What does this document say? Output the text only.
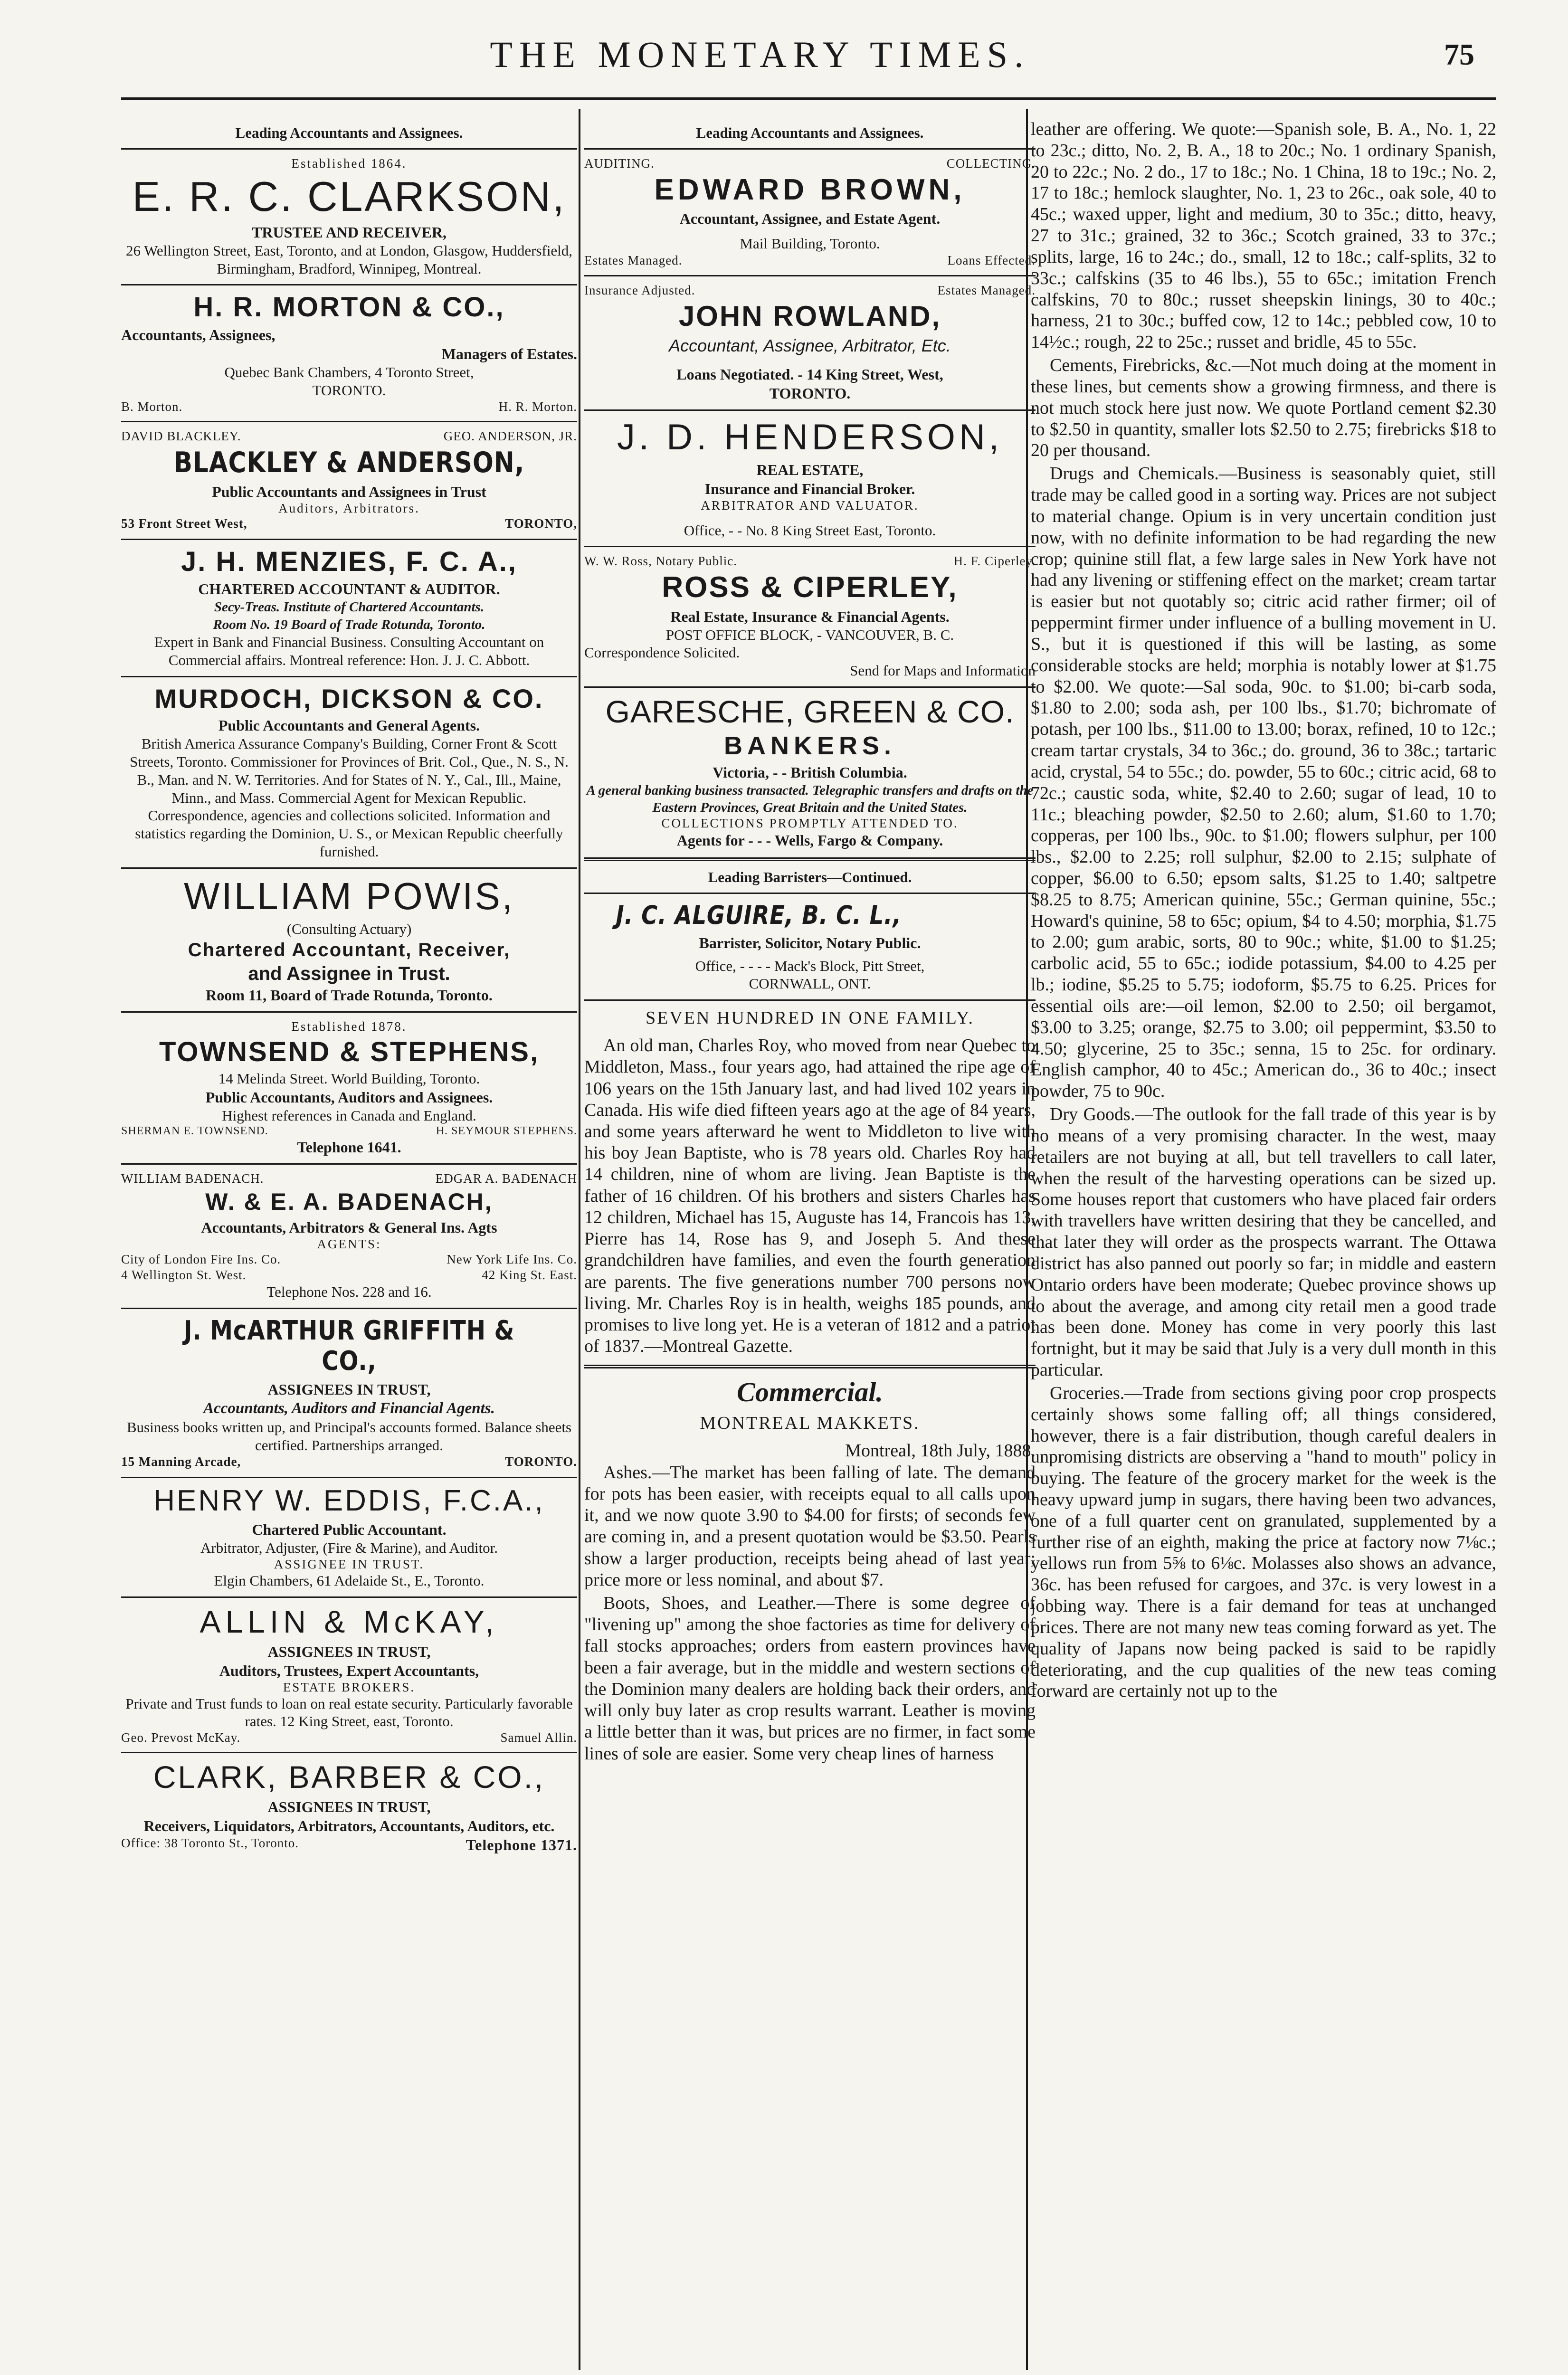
THE MONETARY TIMES.	75
Leading Accountants and Assignees.
Established 1864.
E. R. C. CLARKSON,
TRUSTEE AND RECEIVER,
26 Wellington Street, East, Toronto, and at London, Glasgow, Huddersfield, Birmingham, Bradford, Winnipeg, Montreal.
H. R. MORTON & CO.,
Accountants, Assignees,
Managers of Estates.
Quebec Bank Chambers, 4 Toronto Street,
TORONTO.
B. Morton.	H. R. Morton.
DAVID BLACKLEY.	GEO. ANDERSON, JR.
BLACKLEY & ANDERSON,
Public Accountants and Assignees in Trust
Auditors, Arbitrators.
53 Front Street West,	TORONTO,
J. H. MENZIES, F. C. A.,
CHARTERED ACCOUNTANT & AUDITOR.
Secy-Treas. Institute of Chartered Accountants.
Room No. 19 Board of Trade Rotunda, Toronto.
Expert in Bank and Financial Business. Consulting Accountant on Commercial affairs. Montreal reference: Hon. J. J. C. Abbott.
MURDOCH, DICKSON & CO.
Public Accountants and General Agents.
British America Assurance Company's Building, Corner Front & Scott Streets, Toronto. Commissioner for Provinces of Brit. Col., Que., N. S., N. B., Man. and N. W. Territories. And for States of N. Y., Cal., Ill., Maine, Minn., and Mass. Commercial Agent for Mexican Republic. Correspondence, agencies and collections solicited. Information and statistics regarding the Dominion, U. S., or Mexican Republic cheerfully furnished.
WILLIAM POWIS,
(Consulting Actuary)
Chartered Accountant, Receiver,
and Assignee in Trust.
Room 11, Board of Trade Rotunda, Toronto.
Established 1878.
TOWNSEND & STEPHENS,
14 Melinda Street. World Building, Toronto.
Public Accountants, Auditors and Assignees.
Highest references in Canada and England.
SHERMAN E. TOWNSEND.	H. SEYMOUR STEPHENS.
Telephone 1641.
WILLIAM BADENACH.	EDGAR A. BADENACH
W. & E. A. BADENACH,
Accountants, Arbitrators & General Ins. Agts
AGENTS:
City of London Fire Ins. Co.	New York Life Ins. Co.
4 Wellington St. West.	42 King St. East.
Telephone Nos. 228 and 16.
J. McARTHUR GRIFFITH & CO.,
ASSIGNEES IN TRUST,
Accountants, Auditors and Financial Agents.
Business books written up, and Principal's accounts formed. Balance sheets certified. Partnerships arranged.
15 Manning Arcade,	TORONTO.
HENRY W. EDDIS, F.C.A.,
Chartered Public Accountant.
Arbitrator, Adjuster, (Fire & Marine), and Auditor.
ASSIGNEE IN TRUST.
Elgin Chambers, 61 Adelaide St., E., Toronto.
ALLIN & McKAY,
ASSIGNEES IN TRUST,
Auditors, Trustees, Expert Accountants,
ESTATE BROKERS.
Private and Trust funds to loan on real estate security. Particularly favorable rates. 12 King Street, east, Toronto.
Geo. Prevost McKay.	Samuel Allin.
CLARK, BARBER & CO.,
ASSIGNEES IN TRUST,
Receivers, Liquidators, Arbitrators, Accountants, Auditors, etc.
Office: 38 Toronto St., Toronto.	Telephone 1371.
Leading Accountants and Assignees.
AUDITING.	COLLECTING.
EDWARD BROWN,
Accountant, Assignee, and Estate Agent.
Mail Building, Toronto.
Estates Managed.	Loans Effected.
Insurance Adjusted.	Estates Managed.
JOHN ROWLAND,
Accountant, Assignee, Arbitrator, Etc.
Loans Negotiated. - 14 King Street, West,
TORONTO.
J. D. HENDERSON,
REAL ESTATE,
Insurance and Financial Broker.
ARBITRATOR AND VALUATOR.
Office, - - No. 8 King Street East, Toronto.
W. W. Ross, Notary Public.	H. F. Ciperley.
ROSS & CIPERLEY,
Real Estate, Insurance & Financial Agents.
POST OFFICE BLOCK, - VANCOUVER, B. C.
Correspondence Solicited.
Send for Maps and Information
GARESCHE, GREEN & CO.
BANKERS.
Victoria, - - British Columbia.
A general banking business transacted. Telegraphic transfers and drafts on the Eastern Provinces, Great Britain and the United States.
COLLECTIONS PROMPTLY ATTENDED TO.
Agents for - - - Wells, Fargo & Company.
Leading Barristers—Continued.
J. C. ALGUIRE, B. C. L.,
Barrister, Solicitor, Notary Public.
Office, - - - - Mack's Block, Pitt Street,
CORNWALL, ONT.
SEVEN HUNDRED IN ONE FAMILY.

An old man, Charles Roy, who moved from near Quebec to Middleton, Mass., four years ago, had attained the ripe age of 106 years on the 15th January last, and had lived 102 years in Canada. His wife died fifteen years ago at the age of 84 years, and some years afterward he went to Middleton to live with his boy Jean Baptiste, who is 78 years old. Charles Roy had 14 children, nine of whom are living. Jean Baptiste is the father of 16 children. Of his brothers and sisters Charles has 12 children, Michael has 15, Auguste has 14, Francois has 13, Pierre has 14, Rose has 9, and Joseph 5. And these grandchildren have families, and even the fourth generation are parents. The five generations number 700 persons now living. Mr. Charles Roy is in health, weighs 185 pounds, and promises to live long yet. He is a veteran of 1812 and a patriot of 1837.—Montreal Gazette.

Commercial.
MONTREAL MAKKETS.
Montreal, 18th July, 1888.

Ashes.—The market has been falling of late. The demand for pots has been easier, with receipts equal to all calls upon it, and we now quote 3.90 to $4.00 for firsts; of seconds few are coming in, and a present quotation would be $3.50. Pearls show a larger production, receipts being ahead of last year; price more or less nominal, and about $7.

Boots, Shoes, and Leather.—There is some degree of "livening up" among the shoe factories as time for delivery of fall stocks approaches; orders from eastern provinces have been a fair average, but in the middle and western sections of the Dominion many dealers are holding back their orders, and will only buy later as crop results warrant. Leather is moving a little better than it was, but prices are no firmer, in fact some lines of sole are easier. Some very cheap lines of harness

leather are offering. We quote:—Spanish sole, B. A., No. 1, 22 to 23c.; ditto, No. 2, B. A., 18 to 20c.; No. 1 ordinary Spanish, 20 to 22c.; No. 2 do., 17 to 18c.; No. 1 China, 18 to 19c.; No. 2, 17 to 18c.; hemlock slaughter, No. 1, 23 to 26c., oak sole, 40 to 45c.; waxed upper, light and medium, 30 to 35c.; ditto, heavy, 27 to 31c.; grained, 32 to 36c.; Scotch grained, 33 to 37c.; splits, large, 16 to 24c.; do., small, 12 to 18c.; calf-splits, 32 to 33c.; calfskins (35 to 46 lbs.), 55 to 65c.; imitation French calfskins, 70 to 80c.; russet sheepskin linings, 30 to 40c.; harness, 21 to 30c.; buffed cow, 12 to 14c.; pebbled cow, 10 to 14½c.; rough, 22 to 25c.; russet and bridle, 45 to 55c.

Cements, Firebricks, &c.—Not much doing at the moment in these lines, but cements show a growing firmness, and there is not much stock here just now. We quote Portland cement $2.30 to $2.50 in quantity, smaller lots $2.50 to 2.75; firebricks $18 to 20 per thousand.

Drugs and Chemicals.—Business is seasonably quiet, still trade may be called good in a sorting way. Prices are not subject to material change. Opium is in very uncertain condition just now, with no definite information to be had regarding the new crop; quinine still flat, a few large sales in New York have not had any livening or stiffening effect on the market; cream tartar is easier but not quotably so; citric acid rather firmer; oil of peppermint firmer under influence of a bulling movement in U. S., but it is questioned if this will be lasting, as some considerable stocks are held; morphia is notably lower at $1.75 to $2.00. We quote:—Sal soda, 90c. to $1.00; bi-carb soda, $1.80 to 2.00; soda ash, per 100 lbs., $1.70; bichromate of potash, per 100 lbs., $11.00 to 13.00; borax, refined, 10 to 12c.; cream tartar crystals, 34 to 36c.; do. ground, 36 to 38c.; tartaric acid, crystal, 54 to 55c.; do. powder, 55 to 60c.; citric acid, 68 to 72c.; caustic soda, white, $2.40 to 2.60; sugar of lead, 10 to 11c.; bleaching powder, $2.50 to 2.60; alum, $1.60 to 1.70; copperas, per 100 lbs., 90c. to $1.00; flowers sulphur, per 100 lbs., $2.00 to 2.25; roll sulphur, $2.00 to 2.15; sulphate of copper, $6.00 to 6.50; epsom salts, $1.25 to 1.40; saltpetre $8.25 to 8.75; American quinine, 55c.; German quinine, 55c.; Howard's quinine, 58 to 65c; opium, $4 to 4.50; morphia, $1.75 to 2.00; gum arabic, sorts, 80 to 90c.; white, $1.00 to $1.25; carbolic acid, 55 to 65c.; iodide potassium, $4.00 to 4.25 per lb.; iodine, $5.25 to 5.75; iodoform, $5.75 to 6.25. Prices for essential oils are:—oil lemon, $2.00 to 2.50; oil bergamot, $3.00 to 3.25; orange, $2.75 to 3.00; oil peppermint, $3.50 to 4.50; glycerine, 25 to 35c.; senna, 15 to 25c. for ordinary. English camphor, 40 to 45c.; American do., 36 to 40c.; insect powder, 75 to 90c.

Dry Goods.—The outlook for the fall trade of this year is by no means of a very promising character. In the west, maay retailers are not buying at all, but tell travellers to call later, when the result of the harvesting operations can be sized up. Some houses report that customers who have placed fair orders with travellers have written desiring that they be cancelled, and that later they will order as the prospects warrant. The Ottawa district has also panned out poorly so far; in middle and eastern Ontario orders have been moderate; Quebec province shows up to about the average, and among city retail men a good trade has been done. Money has come in very poorly this last fortnight, but it may be said that July is a very dull month in this particular.

Groceries.—Trade from sections giving poor crop prospects certainly shows some falling off; all things considered, however, there is a fair distribution, though careful dealers in unpromising districts are observing a "hand to mouth" policy in buying. The feature of the grocery market for the week is the heavy upward jump in sugars, there having been two advances, one of a full quarter cent on granulated, supplemented by a further rise of an eighth, making the price at factory now 7⅛c.; yellows run from 5⅝ to 6⅛c. Molasses also shows an advance, 36c. has been refused for cargoes, and 37c. is very lowest in a jobbing way. There is a fair demand for teas at unchanged prices. There are not many new teas coming forward as yet. The quality of Japans now being packed is said to be rapidly deteriorating, and the cup qualities of the new teas coming forward are certainly not up to the
